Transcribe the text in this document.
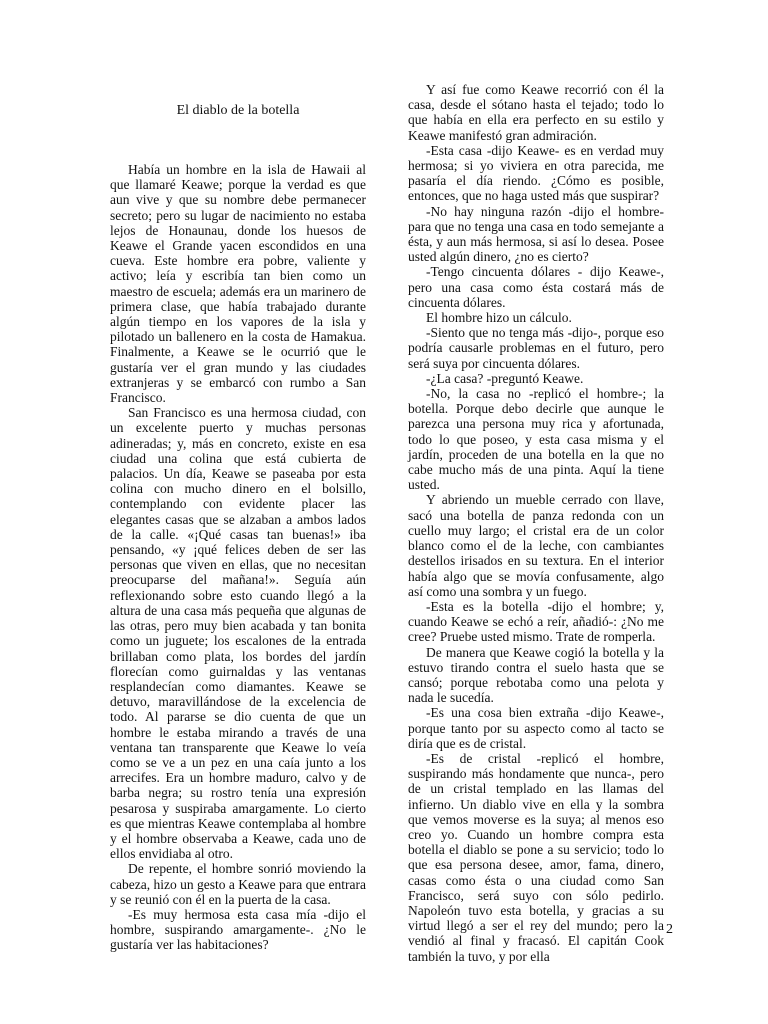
El diablo de la botella

Había un hombre en la isla de Hawaii al que llamaré Keawe; porque la verdad es que aun vive y que su nombre debe permanecer secreto; pero su lugar de nacimiento no estaba lejos de Honaunau, donde los huesos de Keawe el Grande yacen escondidos en una cueva. Este hombre era pobre, valiente y activo; leía y escribía tan bien como un maestro de escuela; además era un marinero de primera clase, que había trabajado durante algún tiempo en los vapores de la isla y pilotado un ballenero en la costa de Hamakua. Finalmente, a Keawe se le ocurrió que le gustaría ver el gran mundo y las ciudades extranjeras y se embarcó con rumbo a San Francisco.

San Francisco es una hermosa ciudad, con un excelente puerto y muchas personas adineradas; y, más en concreto, existe en esa ciudad una colina que está cubierta de palacios. Un día, Keawe se paseaba por esta colina con mucho dinero en el bolsillo, contemplando con evidente placer las elegantes casas que se alzaban a ambos lados de la calle. «¡Qué casas tan buenas!» iba pensando, «y ¡qué felices deben de ser las personas que viven en ellas, que no necesitan preocuparse del mañana!». Seguía aún reflexionando sobre esto cuando llegó a la altura de una casa más pequeña que algunas de las otras, pero muy bien acabada y tan bonita como un juguete; los escalones de la entrada brillaban como plata, los bordes del jardín florecían como guirnaldas y las ventanas resplandecían como diamantes. Keawe se detuvo, maravillándose de la excelencia de todo. Al pararse se dio cuenta de que un hombre le estaba mirando a través de una ventana tan transparente que Keawe lo veía como se ve a un pez en una caía junto a los arrecifes. Era un hombre maduro, calvo y de barba negra; su rostro tenía una expresión pesarosa y suspiraba amargamente. Lo cierto es que mientras Keawe contemplaba al hombre y el hombre observaba a Keawe, cada uno de ellos envidiaba al otro.

De repente, el hombre sonrió moviendo la cabeza, hizo un gesto a Keawe para que entrara y se reunió con él en la puerta de la casa.

-Es muy hermosa esta casa mía -dijo el hombre, suspirando amargamente-. ¿No le gustaría ver las habitaciones?

Y así fue como Keawe recorrió con él la casa, desde el sótano hasta el tejado; todo lo que había en ella era perfecto en su estilo y Keawe manifestó gran admiración.

-Esta casa -dijo Keawe- es en verdad muy hermosa; si yo viviera en otra parecida, me pasaría el día riendo. ¿Cómo es posible, entonces, que no haga usted más que suspirar?

-No hay ninguna razón -dijo el hombre- para que no tenga una casa en todo semejante a ésta, y aun más hermosa, si así lo desea. Posee usted algún dinero, ¿no es cierto?

-Tengo cincuenta dólares - dijo Keawe-, pero una casa como ésta costará más de cincuenta dólares.

El hombre hizo un cálculo.

-Siento que no tenga más -dijo-, porque eso podría causarle problemas en el futuro, pero será suya por cincuenta dólares.

-¿La casa? -preguntó Keawe.

-No, la casa no -replicó el hombre-; la botella. Porque debo decirle que aunque le parezca una persona muy rica y afortunada, todo lo que poseo, y esta casa misma y el jardín, proceden de una botella en la que no cabe mucho más de una pinta. Aquí la tiene usted.

Y abriendo un mueble cerrado con llave, sacó una botella de panza redonda con un cuello muy largo; el cristal era de un color blanco como el de la leche, con cambiantes destellos irisados en su textura. En el interior había algo que se movía confusamente, algo así como una sombra y un fuego.

-Esta es la botella -dijo el hombre; y, cuando Keawe se echó a reír, añadió-: ¿No me cree? Pruebe usted mismo. Trate de romperla.

De manera que Keawe cogió la botella y la estuvo tirando contra el suelo hasta que se cansó; porque rebotaba como una pelota y nada le sucedía.

-Es una cosa bien extraña -dijo Keawe-, porque tanto por su aspecto como al tacto se diría que es de cristal.

-Es de cristal -replicó el hombre, suspirando más hondamente que nunca-, pero de un cristal templado en las llamas del infierno. Un diablo vive en ella y la sombra que vemos moverse es la suya; al menos eso creo yo. Cuando un hombre compra esta botella el diablo se pone a su servicio; todo lo que esa persona desee, amor, fama, dinero, casas como ésta o una ciudad como San Francisco, será suyo con sólo pedirlo. Napoleón tuvo esta botella, y gracias a su virtud llegó a ser el rey del mundo; pero la vendió al final y fracasó. El capitán Cook también la tuvo, y por ella

2
